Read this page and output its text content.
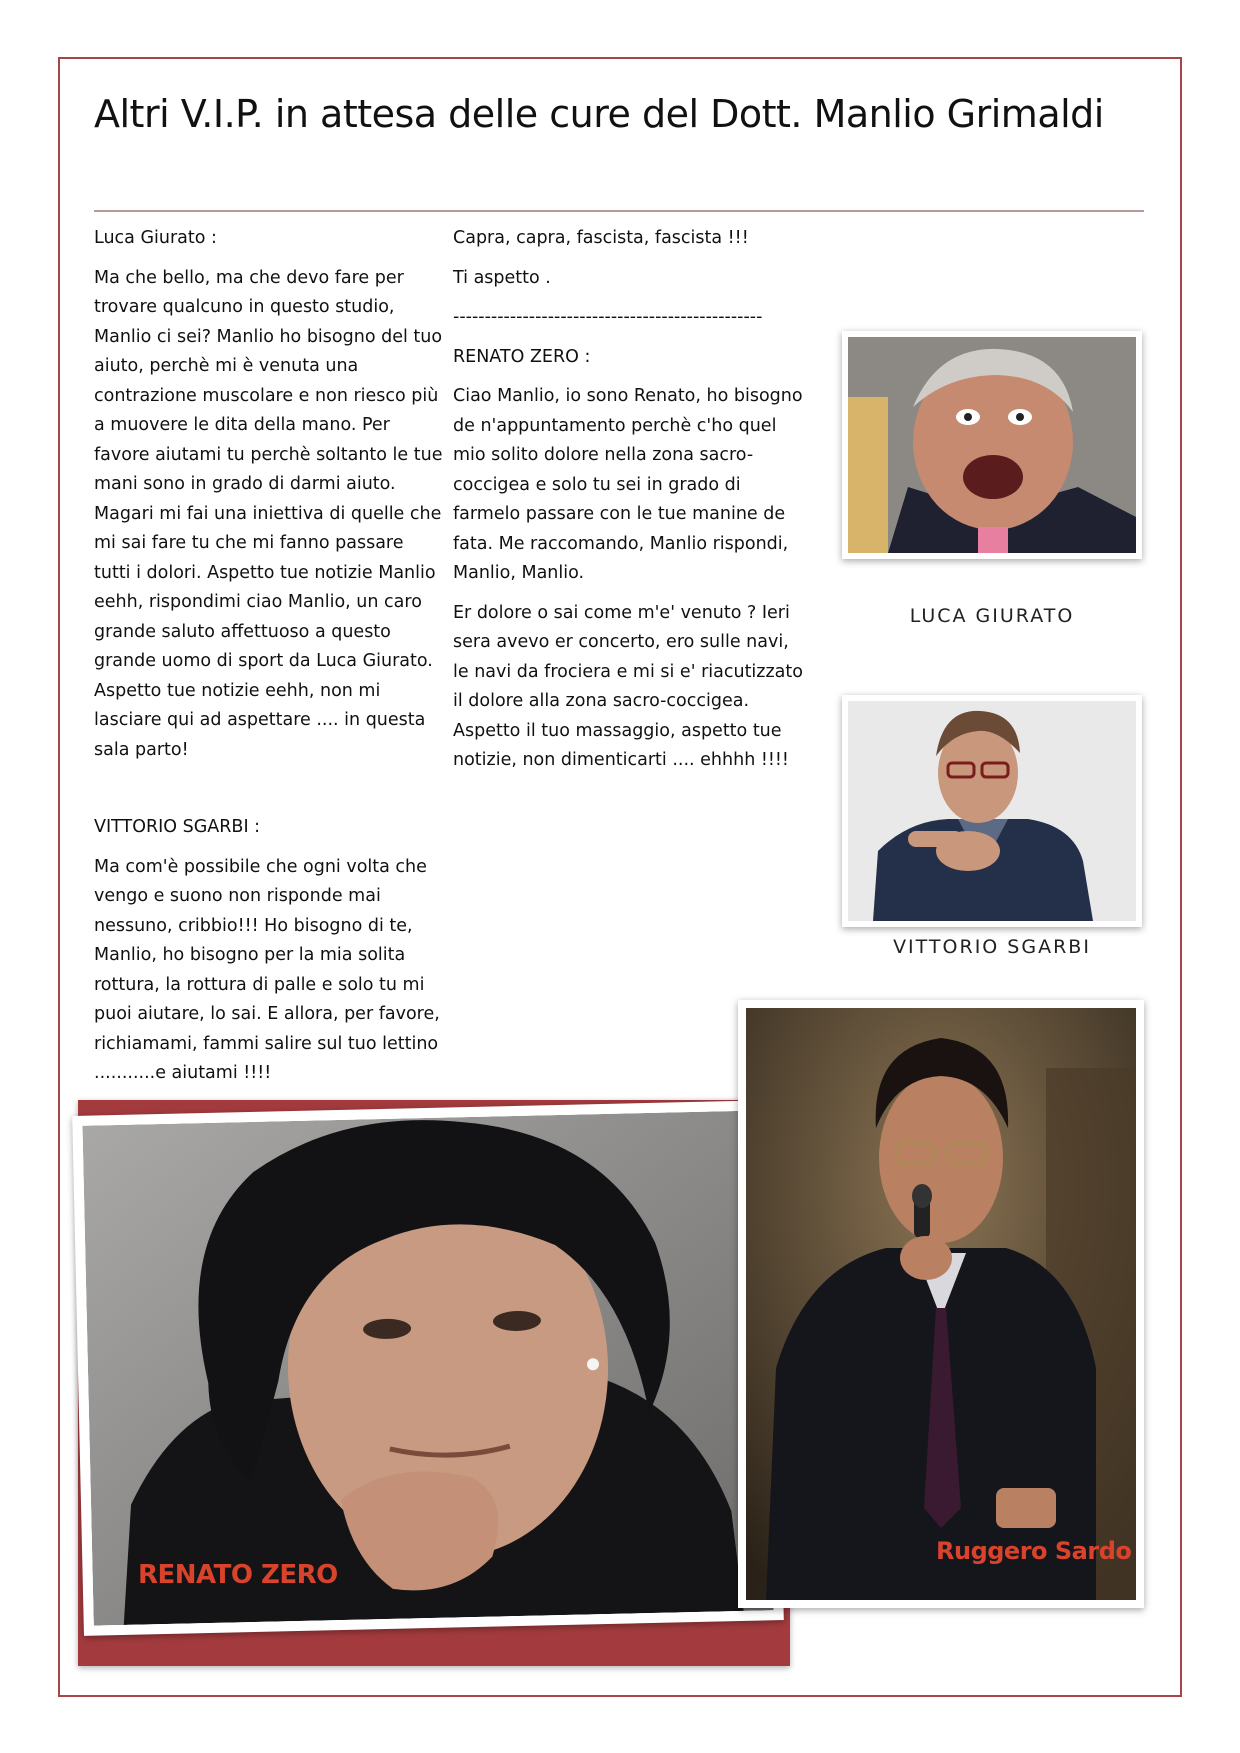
Altri V.I.P. in attesa delle cure del Dott. Manlio Grimaldi

Luca Giurato :

Ma che bello, ma che devo fare per trovare qualcuno in questo studio, Manlio ci sei? Manlio ho bisogno del tuo aiuto, perchè mi è venuta una contrazione muscolare e non riesco più a muovere le dita della mano. Per favore aiutami tu perchè soltanto le tue mani sono in grado di darmi aiuto. Magari mi fai una iniettiva di quelle che mi sai fare tu che mi fanno passare tutti i dolori. Aspetto tue notizie Manlio eehh, rispondimi ciao Manlio, un caro grande saluto affettuoso a questo grande uomo di sport da Luca Giurato. Aspetto tue notizie eehh, non mi lasciare qui ad aspettare .... in questa sala parto!

VITTORIO SGARBI :

Ma com'è possibile che ogni volta che vengo e suono non risponde mai nessuno, cribbio!!! Ho bisogno di te, Manlio, ho bisogno per la mia solita rottura, la rottura di palle e solo tu mi puoi aiutare, lo sai. E allora, per favore, richiamami, fammi salire sul tuo lettino ...........e aiutami !!!!

Capra, capra, fascista, fascista !!!

Ti aspetto .

-------------------------------------------------

RENATO ZERO :

Ciao Manlio, io sono Renato, ho bisogno de n'appuntamento perchè c'ho quel mio solito dolore nella zona sacro-coccigea e solo tu sei in grado di farmelo passare con le tue manine de fata. Me raccomando, Manlio rispondi, Manlio, Manlio.

Er dolore o sai come m'e' venuto ? Ieri sera avevo er concerto, ero sulle navi, le navi da frociera e mi si e' riacutizzato il dolore alla zona sacro-coccigea. Aspetto il tuo massaggio, aspetto tue notizie, non dimenticarti .... ehhhh !!!!

LUCA GIURATO
VITTORIO SGARBI
RENATO ZERO
Ruggero Sardo
